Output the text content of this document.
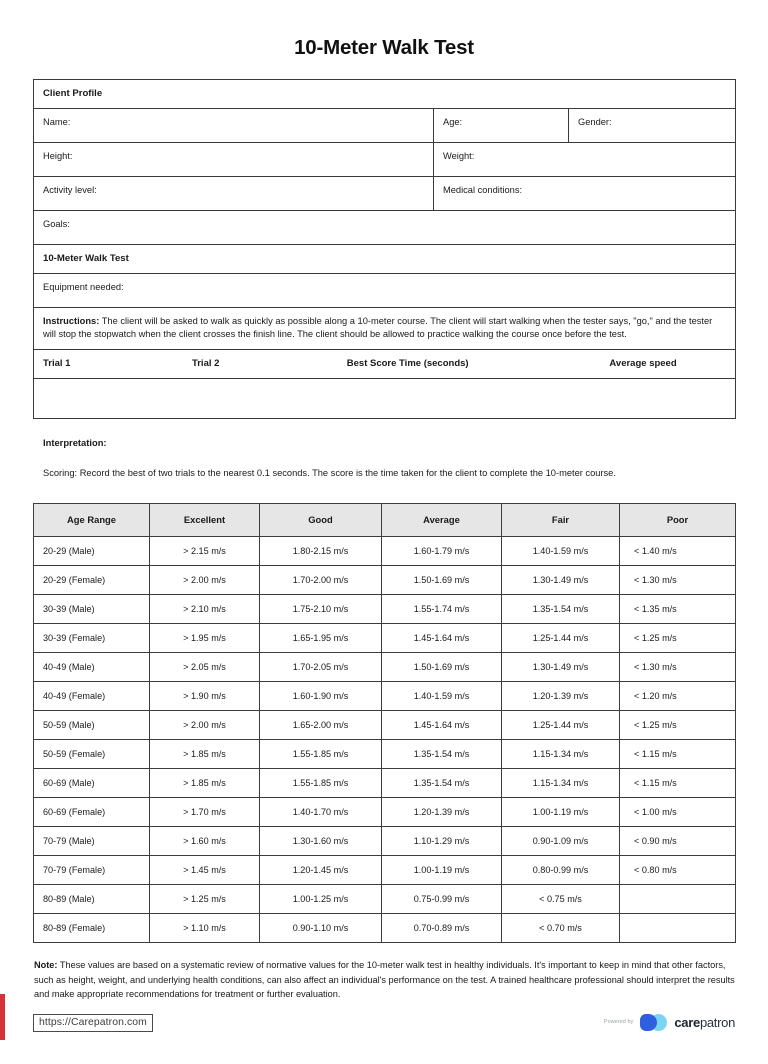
10-Meter Walk Test
Client Profile		
Name:	Age:	Gender:
Height:	Weight:	
Activity level:	Medical conditions:	
Goals:		
10-Meter Walk Test
Equipment needed:
Instructions: The client will be asked to walk as quickly as possible along a 10-meter course. The client will start walking when the tester says, "go," and the tester will stop the stopwatch when the client crosses the finish line. The client should be allowed to practice walking the course once before the test.

Trial 1	Trial 2	Best Score Time (seconds)	Average speed

Interpretation:
Scoring: Record the best of two trials to the nearest 0.1 seconds. The score is the time taken for the client to complete the 10-meter course.
Age Range	Excellent	Good	Average	Fair	Poor
20-29 (Male)	> 2.15 m/s	1.80-2.15 m/s	1.60-1.79 m/s	1.40-1.59 m/s	< 1.40 m/s
20-29 (Female)	> 2.00 m/s	1.70-2.00 m/s	1.50-1.69 m/s	1.30-1.49 m/s	< 1.30 m/s
30-39 (Male)	> 2.10 m/s	1.75-2.10 m/s	1.55-1.74 m/s	1.35-1.54 m/s	< 1.35 m/s
30-39 (Female)	> 1.95 m/s	1.65-1.95 m/s	1.45-1.64 m/s	1.25-1.44 m/s	< 1.25 m/s
40-49 (Male)	> 2.05 m/s	1.70-2.05 m/s	1.50-1.69 m/s	1.30-1.49 m/s	< 1.30 m/s
40-49 (Female)	> 1.90 m/s	1.60-1.90 m/s	1.40-1.59 m/s	1.20-1.39 m/s	< 1.20 m/s
50-59 (Male)	> 2.00 m/s	1.65-2.00 m/s	1.45-1.64 m/s	1.25-1.44 m/s	< 1.25 m/s
50-59 (Female)	> 1.85 m/s	1.55-1.85 m/s	1.35-1.54 m/s	1.15-1.34 m/s	< 1.15 m/s
60-69 (Male)	> 1.85 m/s	1.55-1.85 m/s	1.35-1.54 m/s	1.15-1.34 m/s	< 1.15 m/s
60-69 (Female)	> 1.70 m/s	1.40-1.70 m/s	1.20-1.39 m/s	1.00-1.19 m/s	< 1.00 m/s
70-79 (Male)	> 1.60 m/s	1.30-1.60 m/s	1.10-1.29 m/s	0.90-1.09 m/s	< 0.90 m/s
70-79 (Female)	> 1.45 m/s	1.20-1.45 m/s	1.00-1.19 m/s	0.80-0.99 m/s	< 0.80 m/s
80-89 (Male)	> 1.25 m/s	1.00-1.25 m/s	0.75-0.99 m/s	< 0.75 m/s	
80-89 (Female)	> 1.10 m/s	0.90-1.10 m/s	0.70-0.89 m/s	< 0.70 m/s	
Note: These values are based on a systematic review of normative values for the 10-meter walk test in healthy individuals. It's important to keep in mind that other factors, such as height, weight, and underlying health conditions, can also affect an individual's performance on the test. A trained healthcare professional should interpret the results and make appropriate recommendations for treatment or further evaluation.
https://Carepatron.com	Powered by	carepatron
